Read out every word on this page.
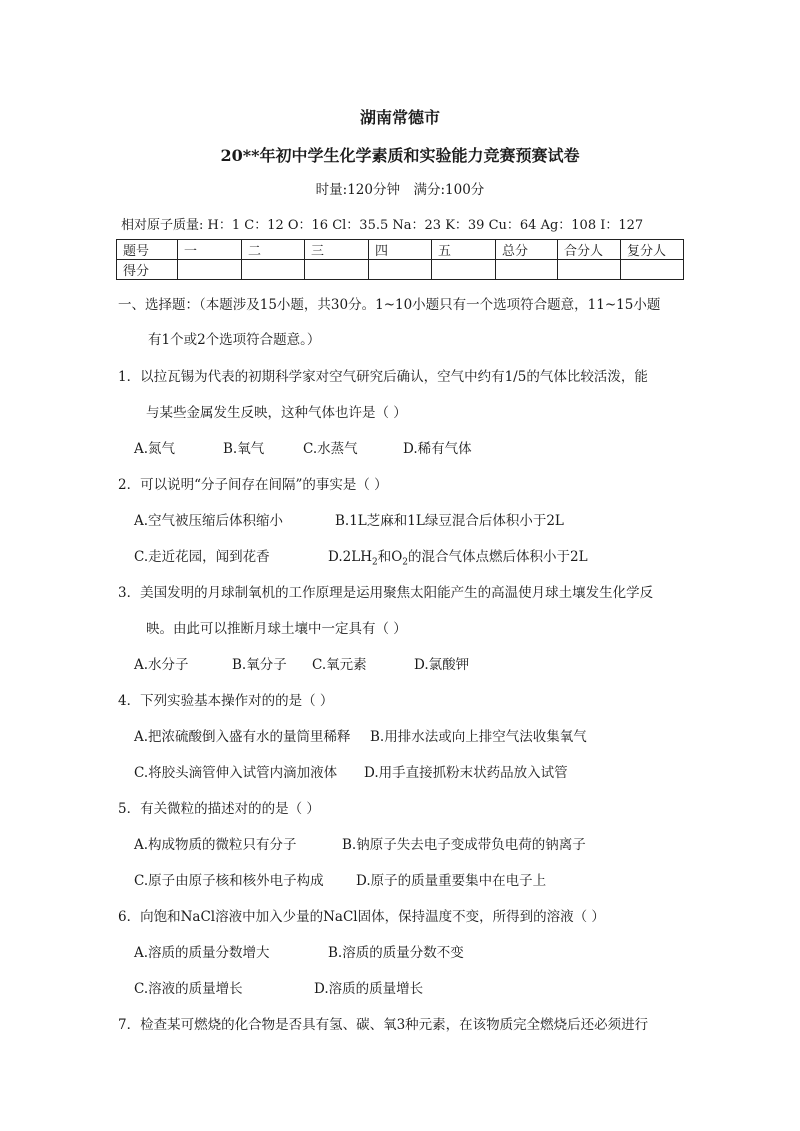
湖南常德市
20**年初中学生化学素质和实验能力竞赛预赛试卷
时量:120分钟　满分:100分
相对原子质量: H：1 C：12 O：16 Cl：35.5 Na：23 K：39 Cu：64 Ag：108 I：127
题号	一	二	三	四	五	总分	合分人	复分人
得分								
一、选择题：（本题涉及15小题，共30分。1~10小题只有一个选项符合题意，11~15小题
有1个或2个选项符合题意。）
1．以拉瓦锡为代表的初期科学家对空气研究后确认，空气中约有1/5的气体比较活泼，能
与某些金属发生反映，这种气体也许是（ ）
A.氮气	B.氧气	C.水蒸气	D.稀有气体
2．可以说明“分子间存在间隔”的事实是（ ）
A.空气被压缩后体积缩小	B.1L芝麻和1L绿豆混合后体积小于2L
C.走近花园，闻到花香	$D.2LH_2$和$O_2$的混合气体点燃后体积小于2L
3．美国发明的月球制氧机的工作原理是运用聚焦太阳能产生的高温使月球土壤发生化学反
映。由此可以推断月球土壤中一定具有（ ）
A.水分子	B.氧分子 C.氧元素	D.氯酸钾
4．下列实验基本操作对的的是（ ）
A.把浓硫酸倒入盛有水的量筒里稀释 B.用排水法或向上排空气法收集氧气
C.将胶头滴管伸入试管内滴加液体 D.用手直接抓粉末状药品放入试管
5．有关微粒的描述对的的是（ ）
A.构成物质的微粒只有分子	B.钠原子失去电子变成带负电荷的钠离子
C.原子由原子核和核外电子构成 D.原子的质量重要集中在电子上
6．向饱和NaCl溶液中加入少量的NaCl固体，保持温度不变，所得到的溶液（ ）
A.溶质的质量分数增大	B.溶质的质量分数不变
C.溶液的质量增长	D.溶质的质量增长
7．检查某可燃烧的化合物是否具有氢、碳、氧3种元素，在该物质完全燃烧后还必须进行
